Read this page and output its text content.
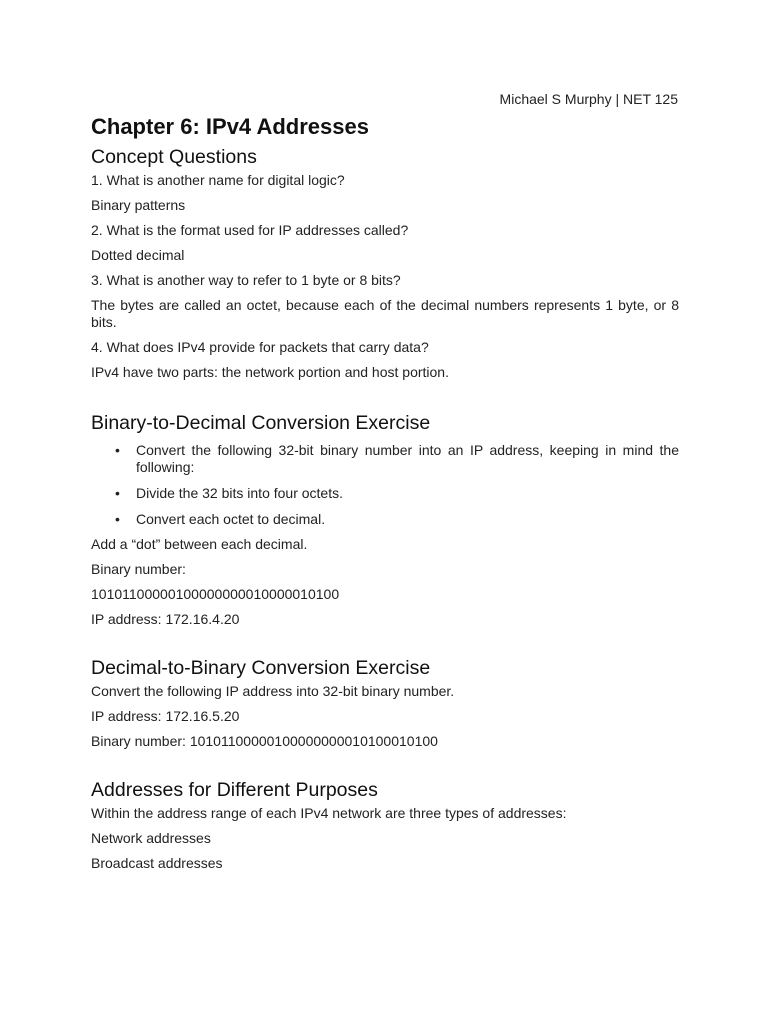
Michael S Murphy | NET 125
Chapter 6: IPv4 Addresses
Concept Questions

1. What is another name for digital logic?

Binary patterns

2. What is the format used for IP addresses called?

Dotted decimal

3. What is another way to refer to 1 byte or 8 bits?

The bytes are called an octet, because each of the decimal numbers represents 1 byte, or 8 bits.

4. What does IPv4 provide for packets that carry data?

IPv4 have two parts: the network portion and host portion.

Binary-to-Decimal Conversion Exercise
• Convert the following 32-bit binary number into an IP address, keeping in mind the following:
• Divide the 32 bits into four octets.
• Convert each octet to decimal.

Add a “dot” between each decimal.

Binary number:

10101100000100000000010000010100

IP address: 172.16.4.20

Decimal-to-Binary Conversion Exercise

Convert the following IP address into 32-bit binary number.

IP address: 172.16.5.20

Binary number: 10101100000100000000010100010100

Addresses for Different Purposes

Within the address range of each IPv4 network are three types of addresses:

Network addresses

Broadcast addresses
